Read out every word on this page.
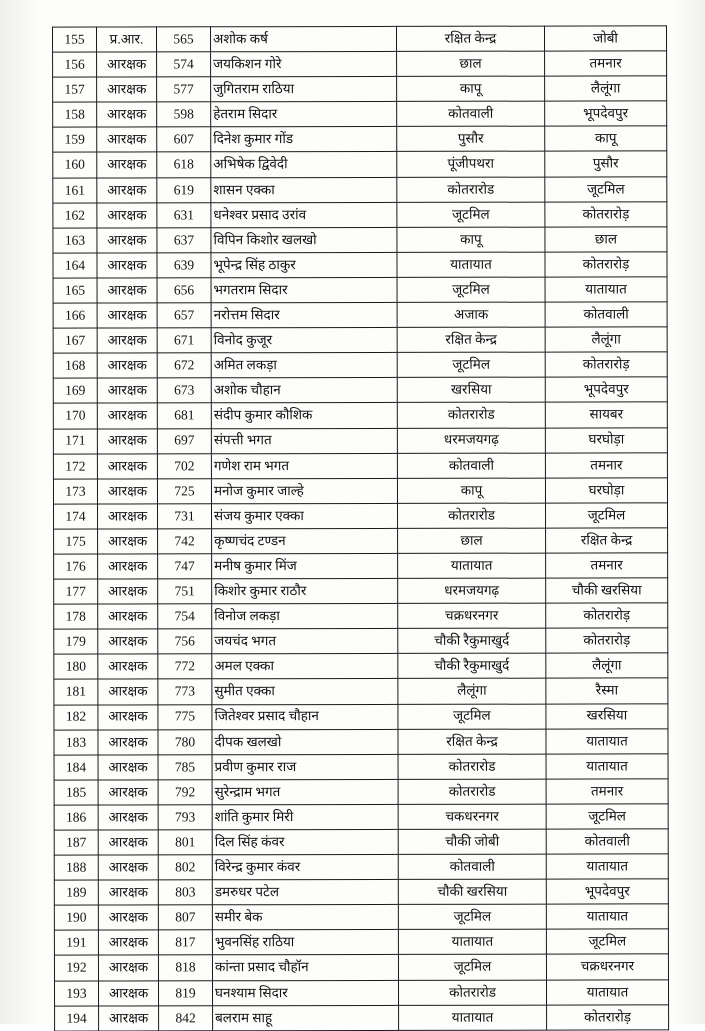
155	प्र.आर.	565	अशोक कर्ष	रक्षित केन्द्र	जोबी
156	आरक्षक	574	जयकिशन गोरे	छाल	तमनार
157	आरक्षक	577	जुगितराम राठिया	कापू	लैलूंगा
158	आरक्षक	598	हेतराम सिदार	कोतवाली	भूपदेवपुर
159	आरक्षक	607	दिनेश कुमार गोंड	पुसौर	कापू
160	आरक्षक	618	अभिषेक द्विवेदी	पूंजीपथरा	पुसौर
161	आरक्षक	619	शासन एक्का	कोतरारोड	जूटमिल
162	आरक्षक	631	धनेश्वर प्रसाद उरांव	जूटमिल	कोतरारोड़
163	आरक्षक	637	विपिन किशोर खलखो	कापू	छाल
164	आरक्षक	639	भूपेन्द्र सिंह ठाकुर	यातायात	कोतरारोड़
165	आरक्षक	656	भगतराम सिदार	जूटमिल	यातायात
166	आरक्षक	657	नरोत्तम सिदार	अजाक	कोतवाली
167	आरक्षक	671	विनोद कुजूर	रक्षित केन्द्र	लैलूंगा
168	आरक्षक	672	अमित लकड़ा	जूटमिल	कोतरारोड़
169	आरक्षक	673	अशोक चौहान	खरसिया	भूपदेवपुर
170	आरक्षक	681	संदीप कुमार कौशिक	कोतरारोड	सायबर
171	आरक्षक	697	संपत्ती भगत	धरमजयगढ़	घरघोड़ा
172	आरक्षक	702	गणेश राम भगत	कोतवाली	तमनार
173	आरक्षक	725	मनोज कुमार जाल्हे	कापू	घरघोड़ा
174	आरक्षक	731	संजय कुमार एक्का	कोतरारोड	जूटमिल
175	आरक्षक	742	कृष्णचंद टण्डन	छाल	रक्षित केन्द्र
176	आरक्षक	747	मनीष कुमार मिंज	यातायात	तमनार
177	आरक्षक	751	किशोर कुमार राठौर	धरमजयगढ़	चौकी खरसिया
178	आरक्षक	754	विनोज लकड़ा	चक्रधरनगर	कोतरारोड़
179	आरक्षक	756	जयचंद भगत	चौकी रैकुमाखुर्द	कोतरारोड़
180	आरक्षक	772	अमल एक्का	चौकी रैकुमाखुर्द	लैलूंगा
181	आरक्षक	773	सुमीत एक्का	लैलूंगा	रैस्मा
182	आरक्षक	775	जितेश्वर प्रसाद चौहान	जूटमिल	खरसिया
183	आरक्षक	780	दीपक खलखो	रक्षित केन्द्र	यातायात
184	आरक्षक	785	प्रवीण कुमार राज	कोतरारोड	यातायात
185	आरक्षक	792	सुरेन्द्राम भगत	कोतरारोड	तमनार
186	आरक्षक	793	शांति कुमार मिरी	चकधरनगर	जूटमिल
187	आरक्षक	801	दिल सिंह कंवर	चौकी जोबी	कोतवाली
188	आरक्षक	802	विरेन्द्र कुमार कंवर	कोतवाली	यातायात
189	आरक्षक	803	डमरुधर पटेल	चौकी खरसिया	भूपदेवपुर
190	आरक्षक	807	समीर बेक	जूटमिल	यातायात
191	आरक्षक	817	भुवनसिंह राठिया	यातायात	जूटमिल
192	आरक्षक	818	कांन्ता प्रसाद चौहॉन	जूटमिल	चक्रधरनगर
193	आरक्षक	819	घनश्याम सिदार	कोतरारोड	यातायात
194	आरक्षक	842	बलराम साहू	यातायात	कोतरारोड़
